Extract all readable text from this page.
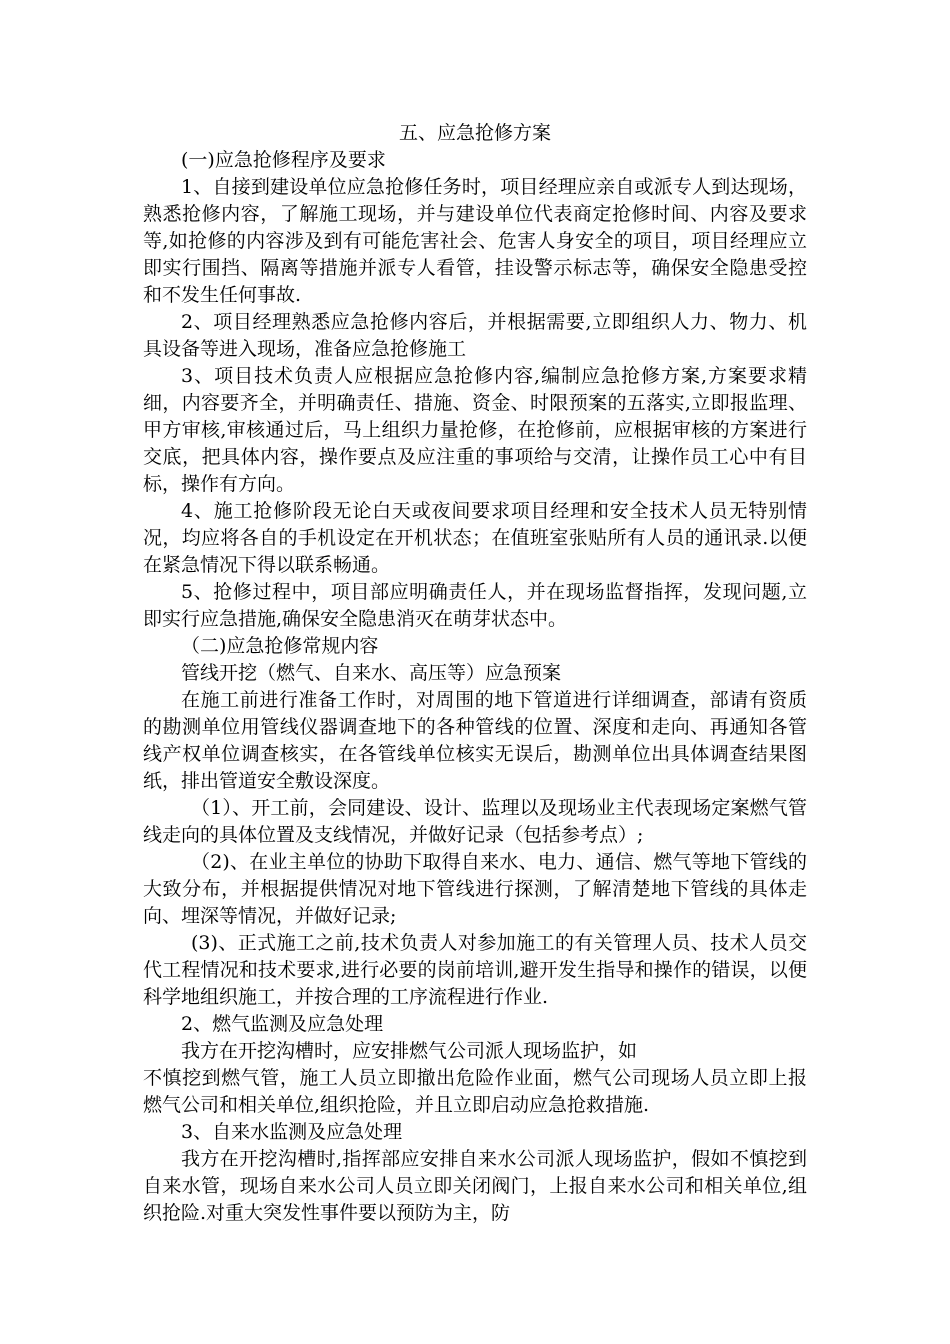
五、应急抢修方案

(一)应急抢修程序及要求

1、自接到建设单位应急抢修任务时，项目经理应亲自或派专人到达现场，熟悉抢修内容，了解施工现场，并与建设单位代表商定抢修时间、内容及要求等,如抢修的内容涉及到有可能危害社会、危害人身安全的项目，项目经理应立即实行围挡、隔离等措施并派专人看管，挂设警示标志等，确保安全隐患受控和不发生任何事故.

2、项目经理熟悉应急抢修内容后，并根据需要,立即组织人力、物力、机具设备等进入现场，准备应急抢修施工

3、项目技术负责人应根据应急抢修内容,编制应急抢修方案,方案要求精细，内容要齐全，并明确责任、措施、资金、时限预案的五落实,立即报监理、甲方审核,审核通过后，马上组织力量抢修，在抢修前，应根据审核的方案进行交底，把具体内容，操作要点及应注重的事项给与交清，让操作员工心中有目标，操作有方向。

4、施工抢修阶段无论白天或夜间要求项目经理和安全技术人员无特别情况，均应将各自的手机设定在开机状态；在值班室张贴所有人员的通讯录.以便在紧急情况下得以联系畅通。

5、抢修过程中，项目部应明确责任人，并在现场监督指挥，发现问题,立即实行应急措施,确保安全隐患消灭在萌芽状态中。

（二)应急抢修常规内容

管线开挖（燃气、自来水、高压等）应急预案

在施工前进行准备工作时，对周围的地下管道进行详细调查，部请有资质的勘测单位用管线仪器调查地下的各种管线的位置、深度和走向、再通知各管线产权单位调查核实，在各管线单位核实无误后，勘测单位出具体调查结果图纸，排出管道安全敷设深度。

（1）、开工前，会同建设、设计、监理以及现场业主代表现场定案燃气管线走向的具体位置及支线情况，并做好记录（包括参考点）;

（2)、在业主单位的协助下取得自来水、电力、通信、燃气等地下管线的大致分布，并根据提供情况对地下管线进行探测，了解清楚地下管线的具体走向、埋深等情况，并做好记录;

(3)、正式施工之前,技术负责人对参加施工的有关管理人员、技术人员交代工程情况和技术要求,进行必要的岗前培训,避开发生指导和操作的错误，以便科学地组织施工，并按合理的工序流程进行作业.

2、燃气监测及应急处理

我方在开挖沟槽时，应安排燃气公司派人现场监护，如

不慎挖到燃气管，施工人员立即撤出危险作业面，燃气公司现场人员立即上报燃气公司和相关单位,组织抢险，并且立即启动应急抢救措施.

3、自来水监测及应急处理

我方在开挖沟槽时,指挥部应安排自来水公司派人现场监护，假如不慎挖到自来水管，现场自来水公司人员立即关闭阀门，上报自来水公司和相关单位,组织抢险.对重大突发性事件要以预防为主，防
